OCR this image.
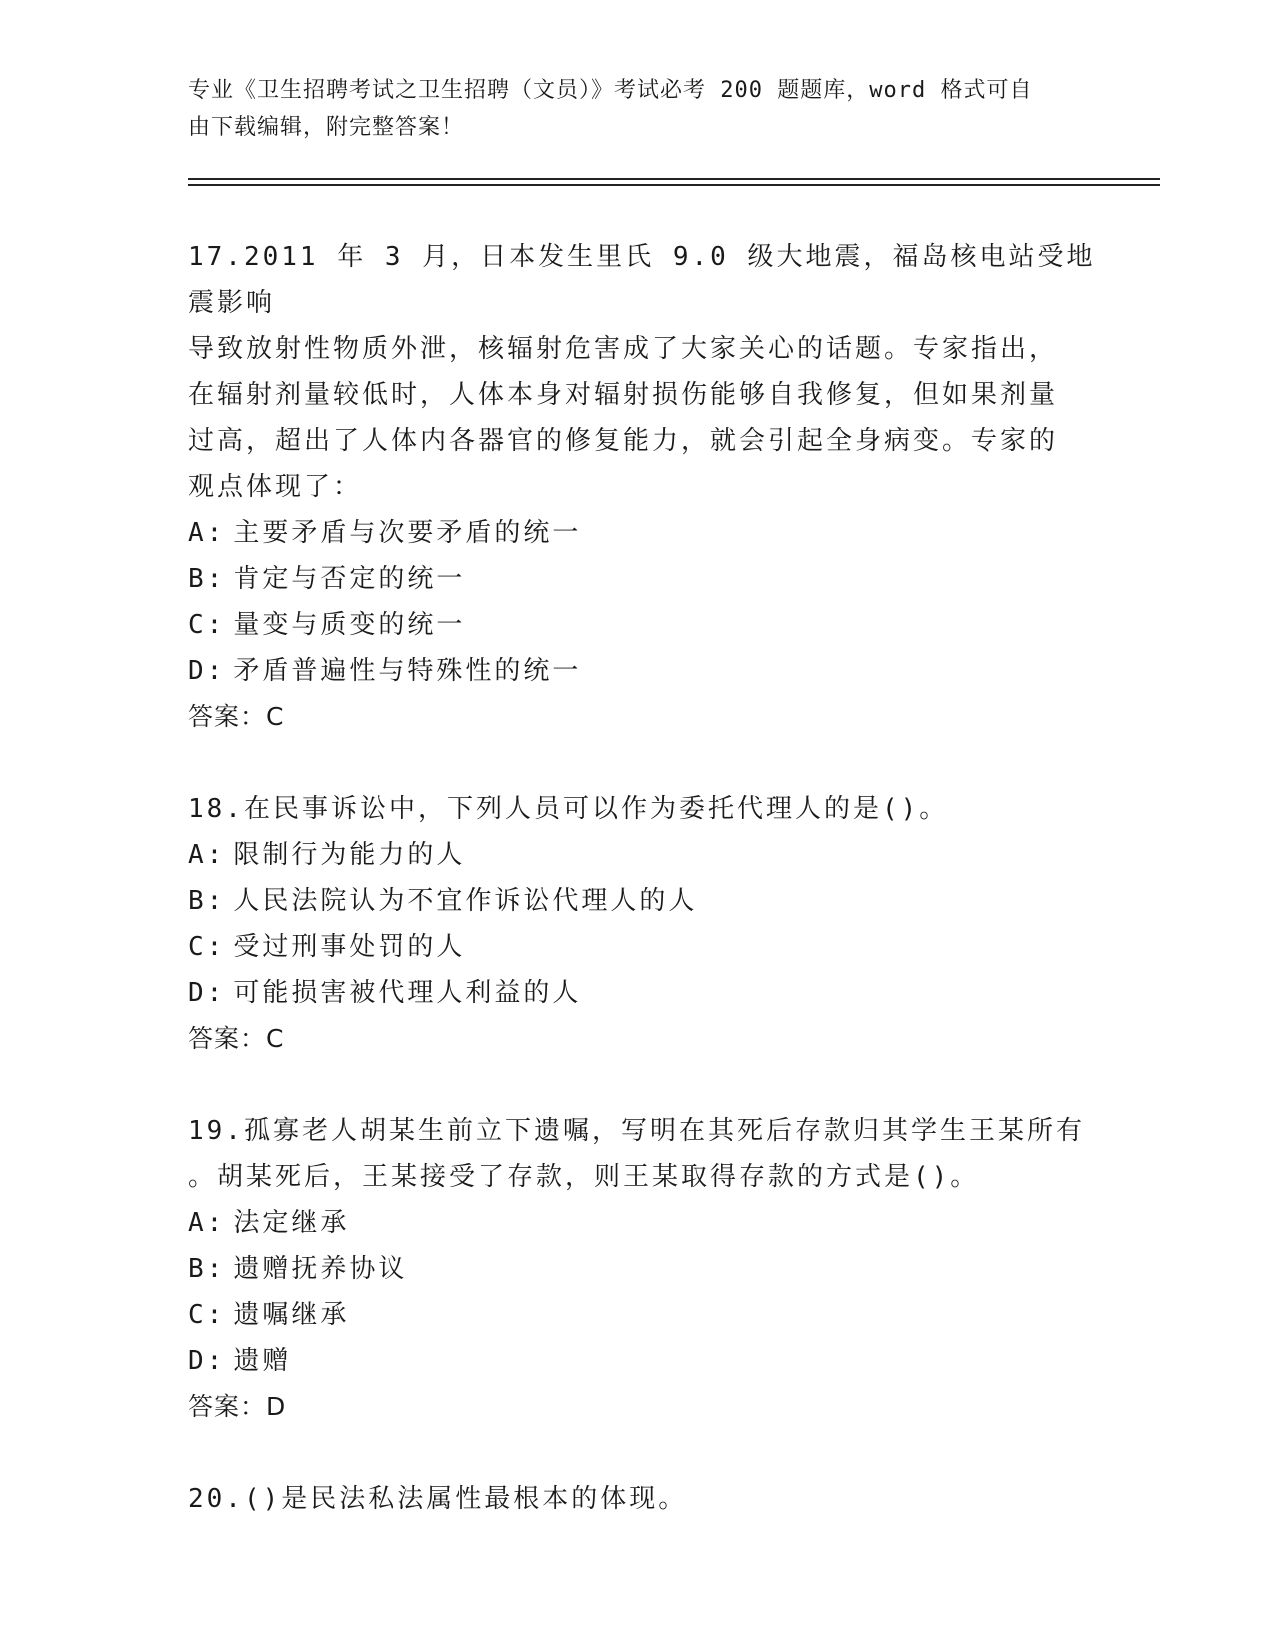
专业《卫生招聘考试之卫生招聘（文员）》考试必考 200 题题库，word 格式可自
由下载编辑，附完整答案！
17.2011 年 3 月，日本发生里氏 9.0 级大地震，福岛核电站受地震影响
导致放射性物质外泄，核辐射危害成了大家关心的话题。专家指出，
在辐射剂量较低时，人体本身对辐射损伤能够自我修复，但如果剂量
过高，超出了人体内各器官的修复能力，就会引起全身病变。专家的
观点体现了：
A: 主要矛盾与次要矛盾的统一
B: 肯定与否定的统一
C: 量变与质变的统一
D: 矛盾普遍性与特殊性的统一
答案：C
18.在民事诉讼中，下列人员可以作为委托代理人的是()。
A: 限制行为能力的人
B: 人民法院认为不宜作诉讼代理人的人
C: 受过刑事处罚的人
D: 可能损害被代理人利益的人
答案：C
19.孤寡老人胡某生前立下遗嘱，写明在其死后存款归其学生王某所有
。胡某死后，王某接受了存款，则王某取得存款的方式是()。
A: 法定继承
B: 遗赠抚养协议
C: 遗嘱继承
D: 遗赠
答案：D
20.()是民法私法属性最根本的体现。
